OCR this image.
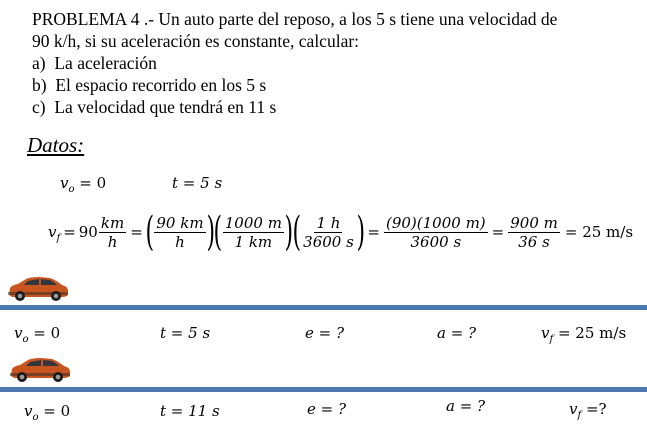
PROBLEMA 4 .- Un auto parte del reposo, a los 5 s tiene una velocidad de
90 k/h, si su aceleración es constante, calcular:
a) La aceleración
b) El espacio recorrido en los 5 s
c) La velocidad que tendrá en 11 s
Datos:
$v_o = 0$	t = 5 s
$v_f = 90 \frac{km}{h}$ = ( $\frac{90 km}{h}$ ) ( $\frac{1000 m}{1 km}$ ) ( $\frac{1 h}{3600 s}$ ) = $\frac{(90)(1000 m)}{3600 s} = \frac{900 m}{36 s} = 25$ m/s
$v_o = 0$	t = 5 s	e = ?	a = ?	$v_f = 25$ m/s
$v_o = 0$	t = 11 s	e = ?	a = ?	$v_f$ =?
